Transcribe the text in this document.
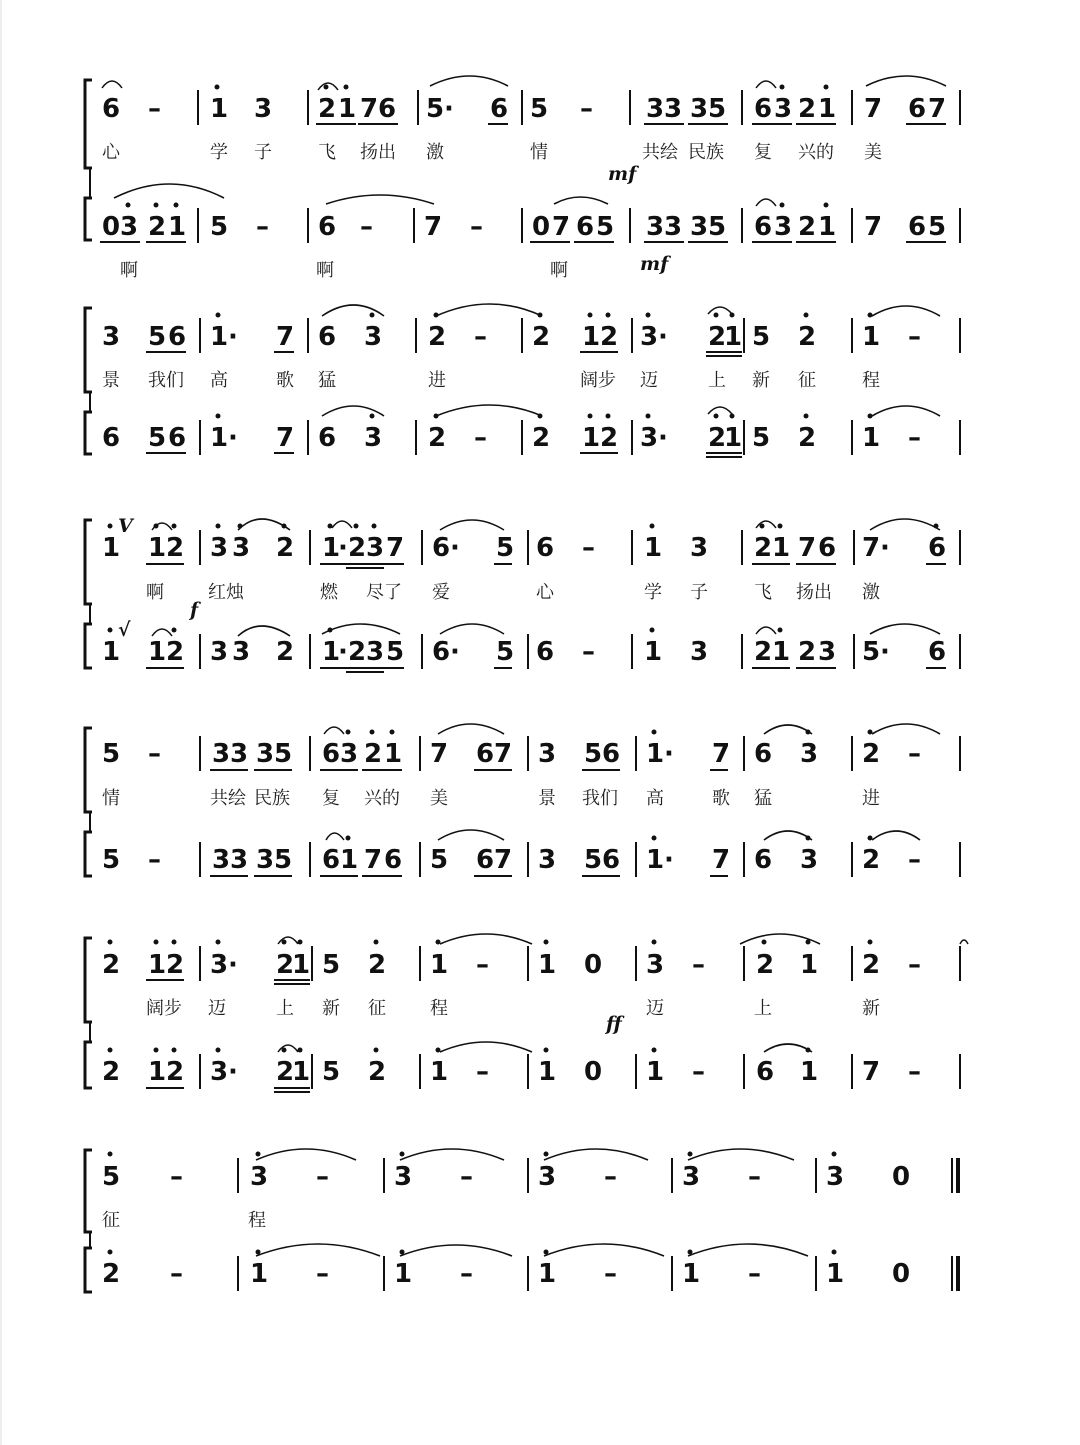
6 – 1 3 2 1 7 6 5 · 6 5 – 3 3 3 5 6 3 2 1 7 6 7
心	学 子	飞 扬出 激	情	共绘 民族 复 兴的 美
mf
0 3 2 1 5 – 6 – 7 – 0 7 6 5 3 3 3 5 6 3 2 1 7 6 5
啊	啊	啊	mf
3 5 6 1 · 7 6 3 2 – 2 1 2 3 · 2
1 5 2 1 –
景 我们 高	歌 猛	进	阔步 迈	上 新 征	程
6 5 6 1 · 7 6 3 2 – 2 1 2 3 · 2
1 5 2 1 –
1
V
1 2 3 3 2 1
· 2 3 7 6 · 5 6 – 1 3 2 1 7 6 7 · 6
啊 红烛	燃 尽了 爱	心	学 子	飞 扬出 激
f
1
√
1 2 3 3 2 1
· 2 3 5 6 · 5 6 – 1 3 2 1 2 3 5 · 6
5 – 3 3 3 5 6 3 2 1 7 6 7 3 5 6 1 · 7 6 3 2 –
情	共绘 民族 复 兴的 美	景 我们 高	歌 猛	进
5 – 3 3 3 5 6 1 7 6 5 6 7 3 5 6 1 · 7 6 3 2 –
2 1 2 3 · 2
1 5 2 1 – 1 0 3 – 2 1 2 –
阔步 迈	上 新 征 程	迈	上	新
ff
2 1 2 3 · 2
1 5 2 1 – 1 0 1 – 6 1 7 –
5 –	3 –	3 –	3 –	3 –	3 0
征	程
2 –	1 –	1 –	1 –	1 –	1 0
